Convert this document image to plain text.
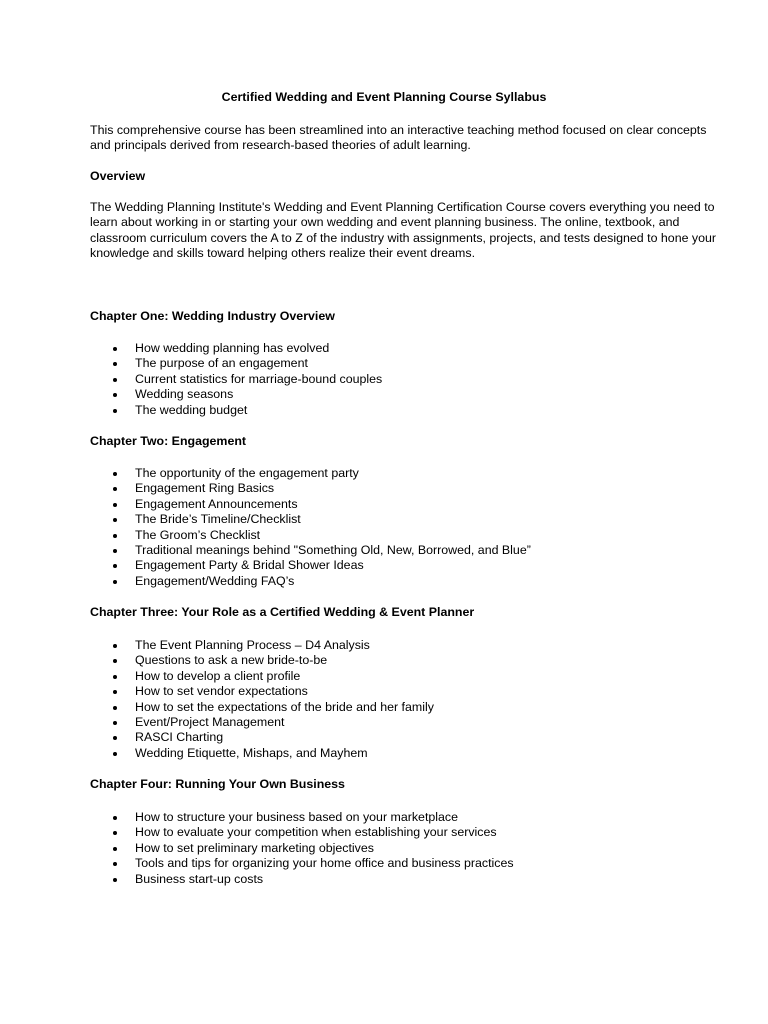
Certified Wedding and Event Planning Course Syllabus

This comprehensive course has been streamlined into an interactive teaching method focused on clear concepts and principals derived from research-based theories of adult learning.

Overview

The Wedding Planning Institute's Wedding and Event Planning Certification Course covers everything you need to learn about working in or starting your own wedding and event planning business. The online, textbook, and classroom curriculum covers the A to Z of the industry with assignments, projects, and tests designed to hone your knowledge and skills toward helping others realize their event dreams.

Chapter One: Wedding Industry Overview

How wedding planning has evolved
The purpose of an engagement
Current statistics for marriage-bound couples
Wedding seasons
The wedding budget

Chapter Two: Engagement

The opportunity of the engagement party
Engagement Ring Basics
Engagement Announcements
The Bride’s Timeline/Checklist
The Groom’s Checklist
Traditional meanings behind "Something Old, New, Borrowed, and Blue”
Engagement Party & Bridal Shower Ideas
Engagement/Wedding FAQ’s

Chapter Three: Your Role as a Certified Wedding & Event Planner

The Event Planning Process – D4 Analysis
Questions to ask a new bride-to-be
How to develop a client profile
How to set vendor expectations
How to set the expectations of the bride and her family
Event/Project Management
RASCI Charting
Wedding Etiquette, Mishaps, and Mayhem

Chapter Four: Running Your Own Business

How to structure your business based on your marketplace
How to evaluate your competition when establishing your services
How to set preliminary marketing objectives
Tools and tips for organizing your home office and business practices
Business start-up costs
